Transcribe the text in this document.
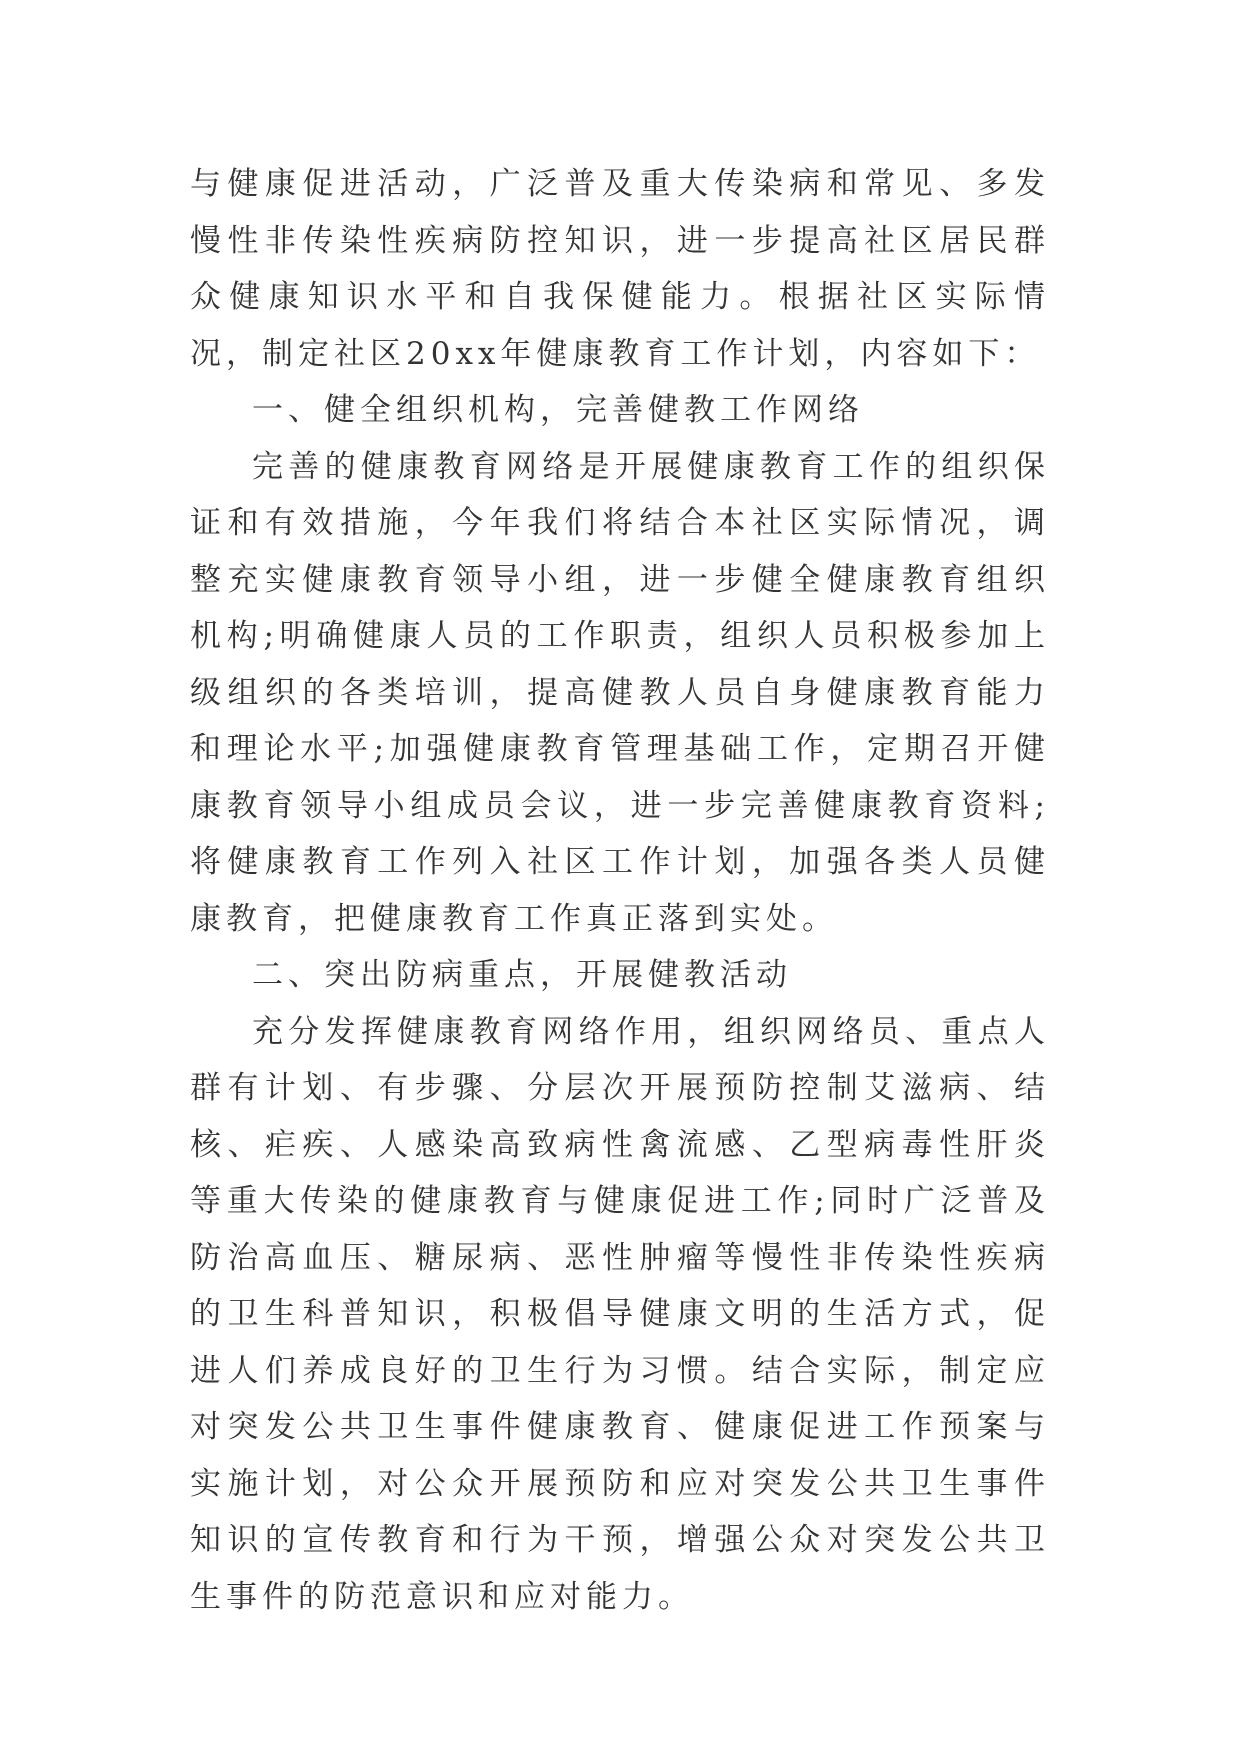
与健康促进活动，广泛普及重大传染病和常见、多发慢性非传染性疾病防控知识，进一步提高社区居民群众健康知识水平和自我保健能力。根据社区实际情况，制定社区20xx年健康教育工作计划，内容如下：

一、健全组织机构，完善健教工作网络

完善的健康教育网络是开展健康教育工作的组织保证和有效措施，今年我们将结合本社区实际情况，调整充实健康教育领导小组，进一步健全健康教育组织机构;明确健康人员的工作职责，组织人员积极参加上级组织的各类培训，提高健教人员自身健康教育能力和理论水平;加强健康教育管理基础工作，定期召开健康教育领导小组成员会议，进一步完善健康教育资料;将健康教育工作列入社区工作计划，加强各类人员健康教育，把健康教育工作真正落到实处。

二、突出防病重点，开展健教活动

充分发挥健康教育网络作用，组织网络员、重点人群有计划、有步骤、分层次开展预防控制艾滋病、结核、疟疾、人感染高致病性禽流感、乙型病毒性肝炎等重大传染的健康教育与健康促进工作;同时广泛普及防治高血压、糖尿病、恶性肿瘤等慢性非传染性疾病的卫生科普知识，积极倡导健康文明的生活方式，促进人们养成良好的卫生行为习惯。结合实际，制定应对突发公共卫生事件健康教育、健康促进工作预案与实施计划，对公众开展预防和应对突发公共卫生事件知识的宣传教育和行为干预，增强公众对突发公共卫生事件的防范意识和应对能力。
